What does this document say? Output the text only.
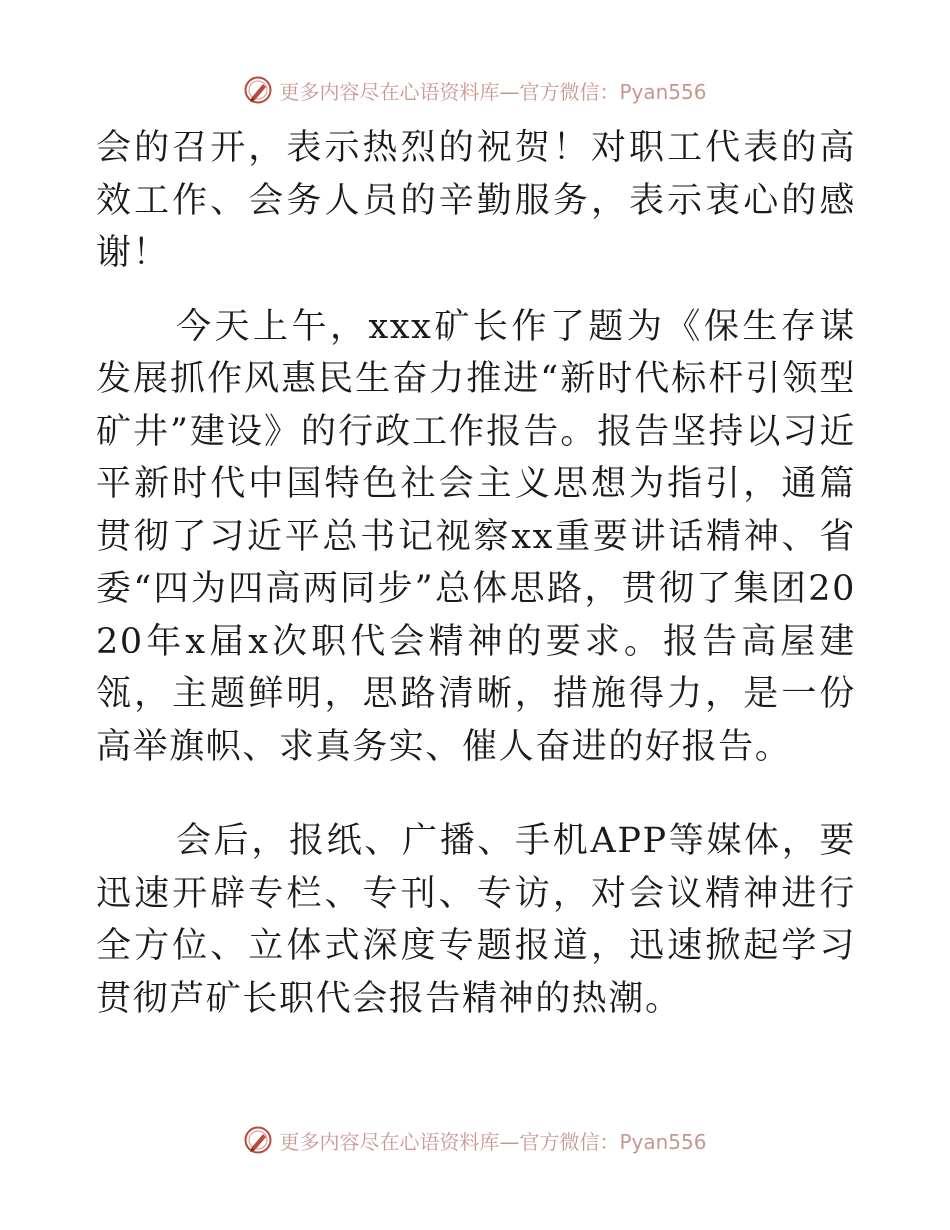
更多内容尽在心语资料库—官方微信：Pyan556

会的召开，表示热烈的祝贺！对职工代表的高效工作、会务人员的辛勤服务，表示衷心的感谢！

今天上午，xxx矿长作了题为《保生存谋发展抓作风惠民生奋力推进“新时代标杆引领型矿井”建设》的行政工作报告。报告坚持以习近平新时代中国特色社会主义思想为指引，通篇贯彻了习近平总书记视察xx重要讲话精神、省委“四为四高两同步”总体思路，贯彻了集团2020年x届x次职代会精神的要求。报告高屋建瓴，主题鲜明，思路清晰，措施得力，是一份高举旗帜、求真务实、催人奋进的好报告。

会后，报纸、广播、手机APP等媒体，要迅速开辟专栏、专刊、专访，对会议精神进行全方位、立体式深度专题报道，迅速掀起学习贯彻芦矿长职代会报告精神的热潮。

更多内容尽在心语资料库—官方微信：Pyan556
